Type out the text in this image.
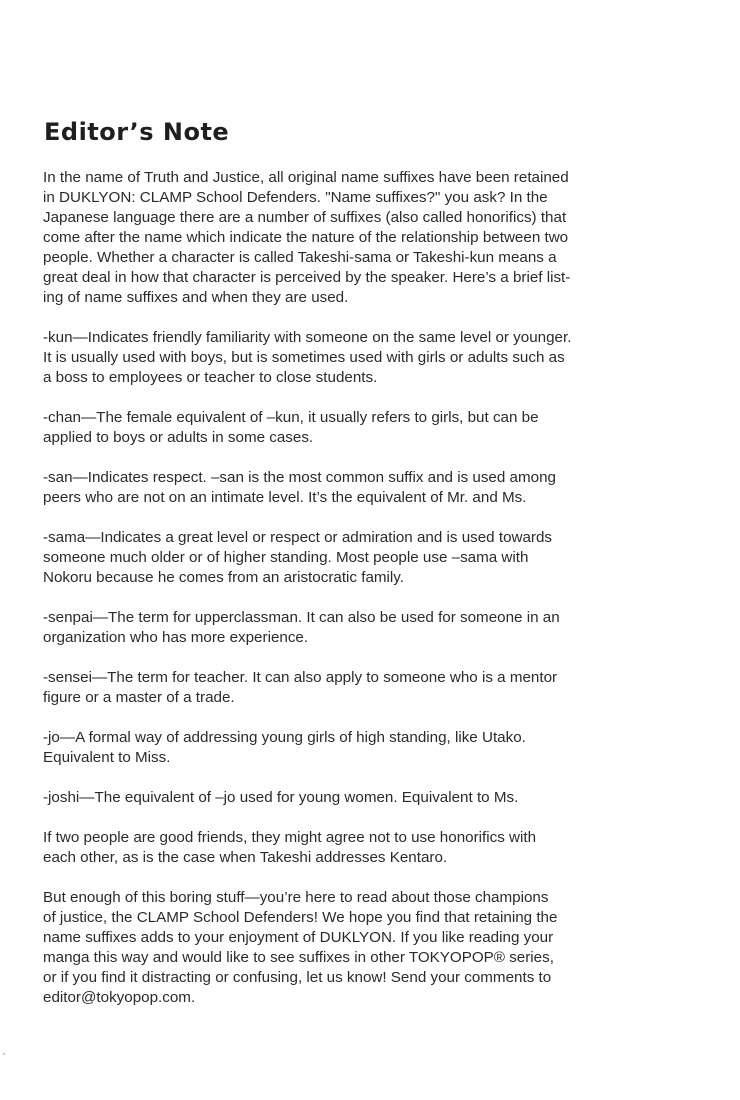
Editor’s Note

In the name of Truth and Justice, all original name suffixes have been retained
in DUKLYON: CLAMP School Defenders. "Name suffixes?" you ask? In the
Japanese language there are a number of suffixes (also called honorifics) that
come after the name which indicate the nature of the relationship between two
people. Whether a character is called Takeshi-sama or Takeshi-kun means a
great deal in how that character is perceived by the speaker. Here’s a brief list-
ing of name suffixes and when they are used.

-kun—Indicates friendly familiarity with someone on the same level or younger.
It is usually used with boys, but is sometimes used with girls or adults such as
a boss to employees or teacher to close students.

-chan—The female equivalent of –kun, it usually refers to girls, but can be
applied to boys or adults in some cases.

-san—Indicates respect. –san is the most common suffix and is used among
peers who are not on an intimate level. It’s the equivalent of Mr. and Ms.

-sama—Indicates a great level or respect or admiration and is used towards
someone much older or of higher standing. Most people use –sama with
Nokoru because he comes from an aristocratic family.

-senpai—The term for upperclassman. It can also be used for someone in an
organization who has more experience.

-sensei—The term for teacher. It can also apply to someone who is a mentor
figure or a master of a trade.

-jo—A formal way of addressing young girls of high standing, like Utako.
Equivalent to Miss.

-joshi—The equivalent of –jo used for young women. Equivalent to Ms.

If two people are good friends, they might agree not to use honorifics with
each other, as is the case when Takeshi addresses Kentaro.

But enough of this boring stuff—you’re here to read about those champions
of justice, the CLAMP School Defenders! We hope you find that retaining the
name suffixes adds to your enjoyment of DUKLYON. If you like reading your
manga this way and would like to see suffixes in other TOKYOPOP® series,
or if you find it distracting or confusing, let us know! Send your comments to
editor@tokyopop.com.
